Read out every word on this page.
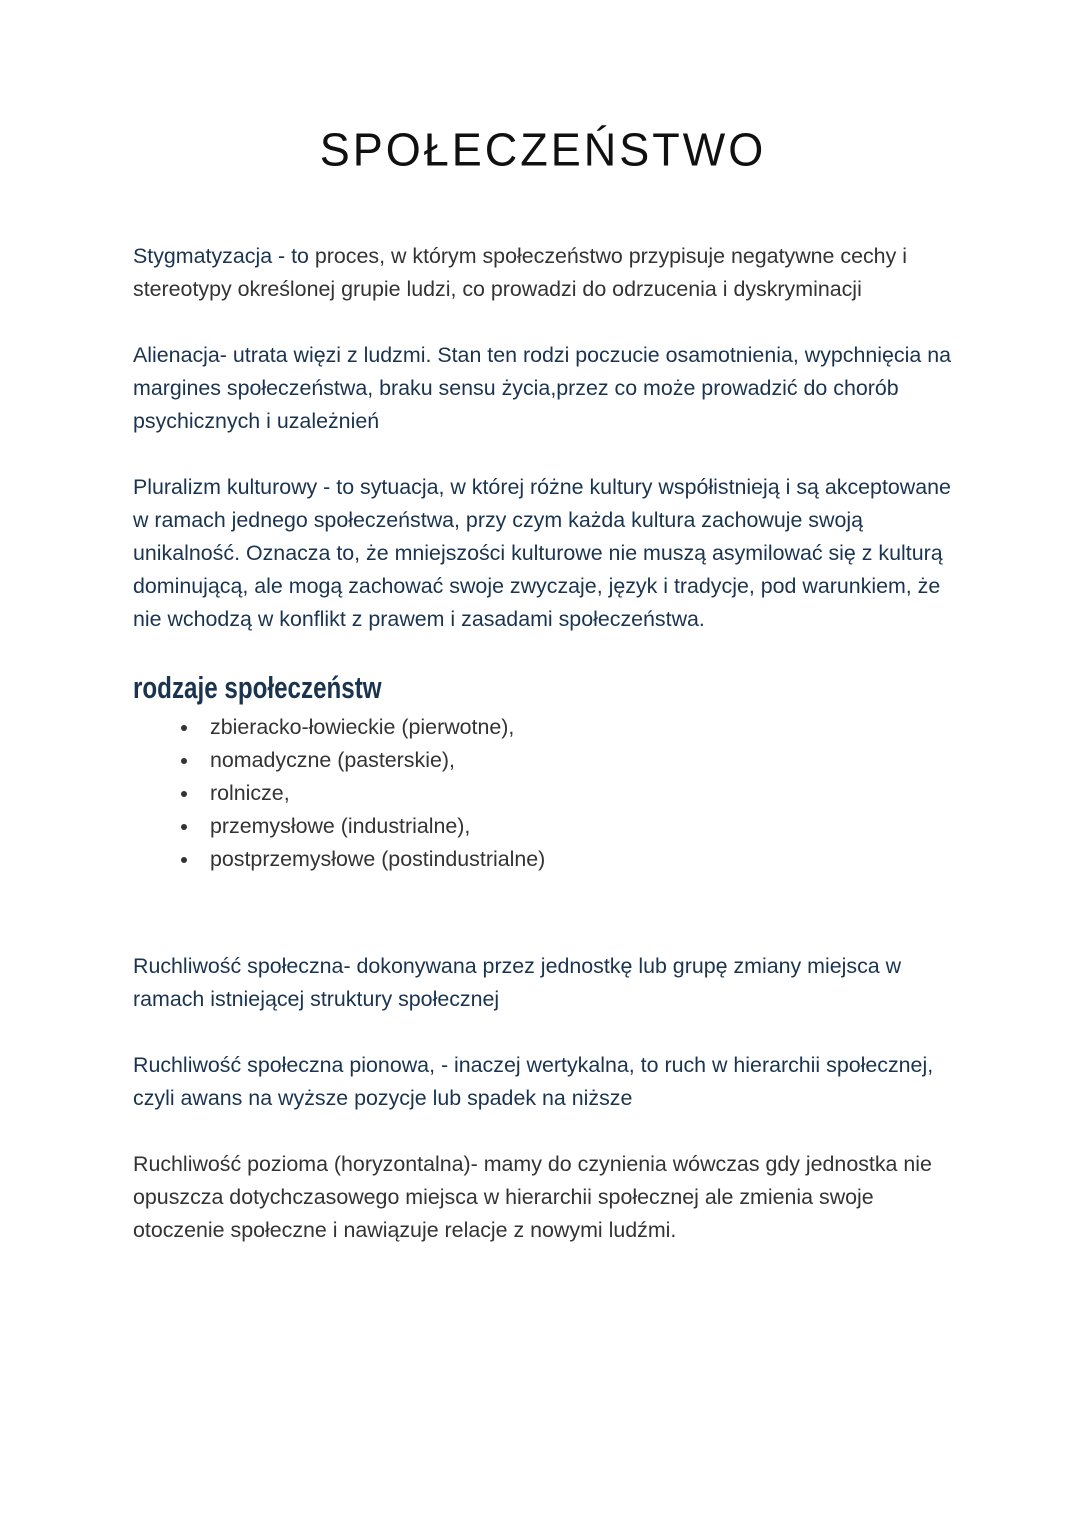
SPOŁECZEŃSTWO

Stygmatyzacja - to proces, w którym społeczeństwo przypisuje negatywne cechy i stereotypy określonej grupie ludzi, co prowadzi do odrzucenia i dyskryminacji

Alienacja- utrata więzi z ludzmi. Stan ten rodzi poczucie osamotnienia, wypchnięcia na margines społeczeństwa, braku sensu życia,przez co może prowadzić do chorób psychicznych i uzależnień

Pluralizm kulturowy - to sytuacja, w której różne kultury współistnieją i są akceptowane w ramach jednego społeczeństwa, przy czym każda kultura zachowuje swoją unikalność. Oznacza to, że mniejszości kulturowe nie muszą asymilować się z kulturą dominującą, ale mogą zachować swoje zwyczaje, język i tradycje, pod warunkiem, że nie wchodzą w konflikt z prawem i zasadami społeczeństwa.

rodzaje społeczeństw
• zbieracko-łowieckie (pierwotne),
• nomadyczne (pasterskie),
• rolnicze,
• przemysłowe (industrialne),
• postprzemysłowe (postindustrialne)

Ruchliwość społeczna- dokonywana przez jednostkę lub grupę zmiany miejsca w ramach istniejącej struktury społecznej

Ruchliwość społeczna pionowa, - inaczej wertykalna, to ruch w hierarchii społecznej, czyli awans na wyższe pozycje lub spadek na niższe

Ruchliwość pozioma (horyzontalna)- mamy do czynienia wówczas gdy jednostka nie opuszcza dotychczasowego miejsca w hierarchii społecznej ale zmienia swoje otoczenie społeczne i nawiązuje relacje z nowymi ludźmi.
